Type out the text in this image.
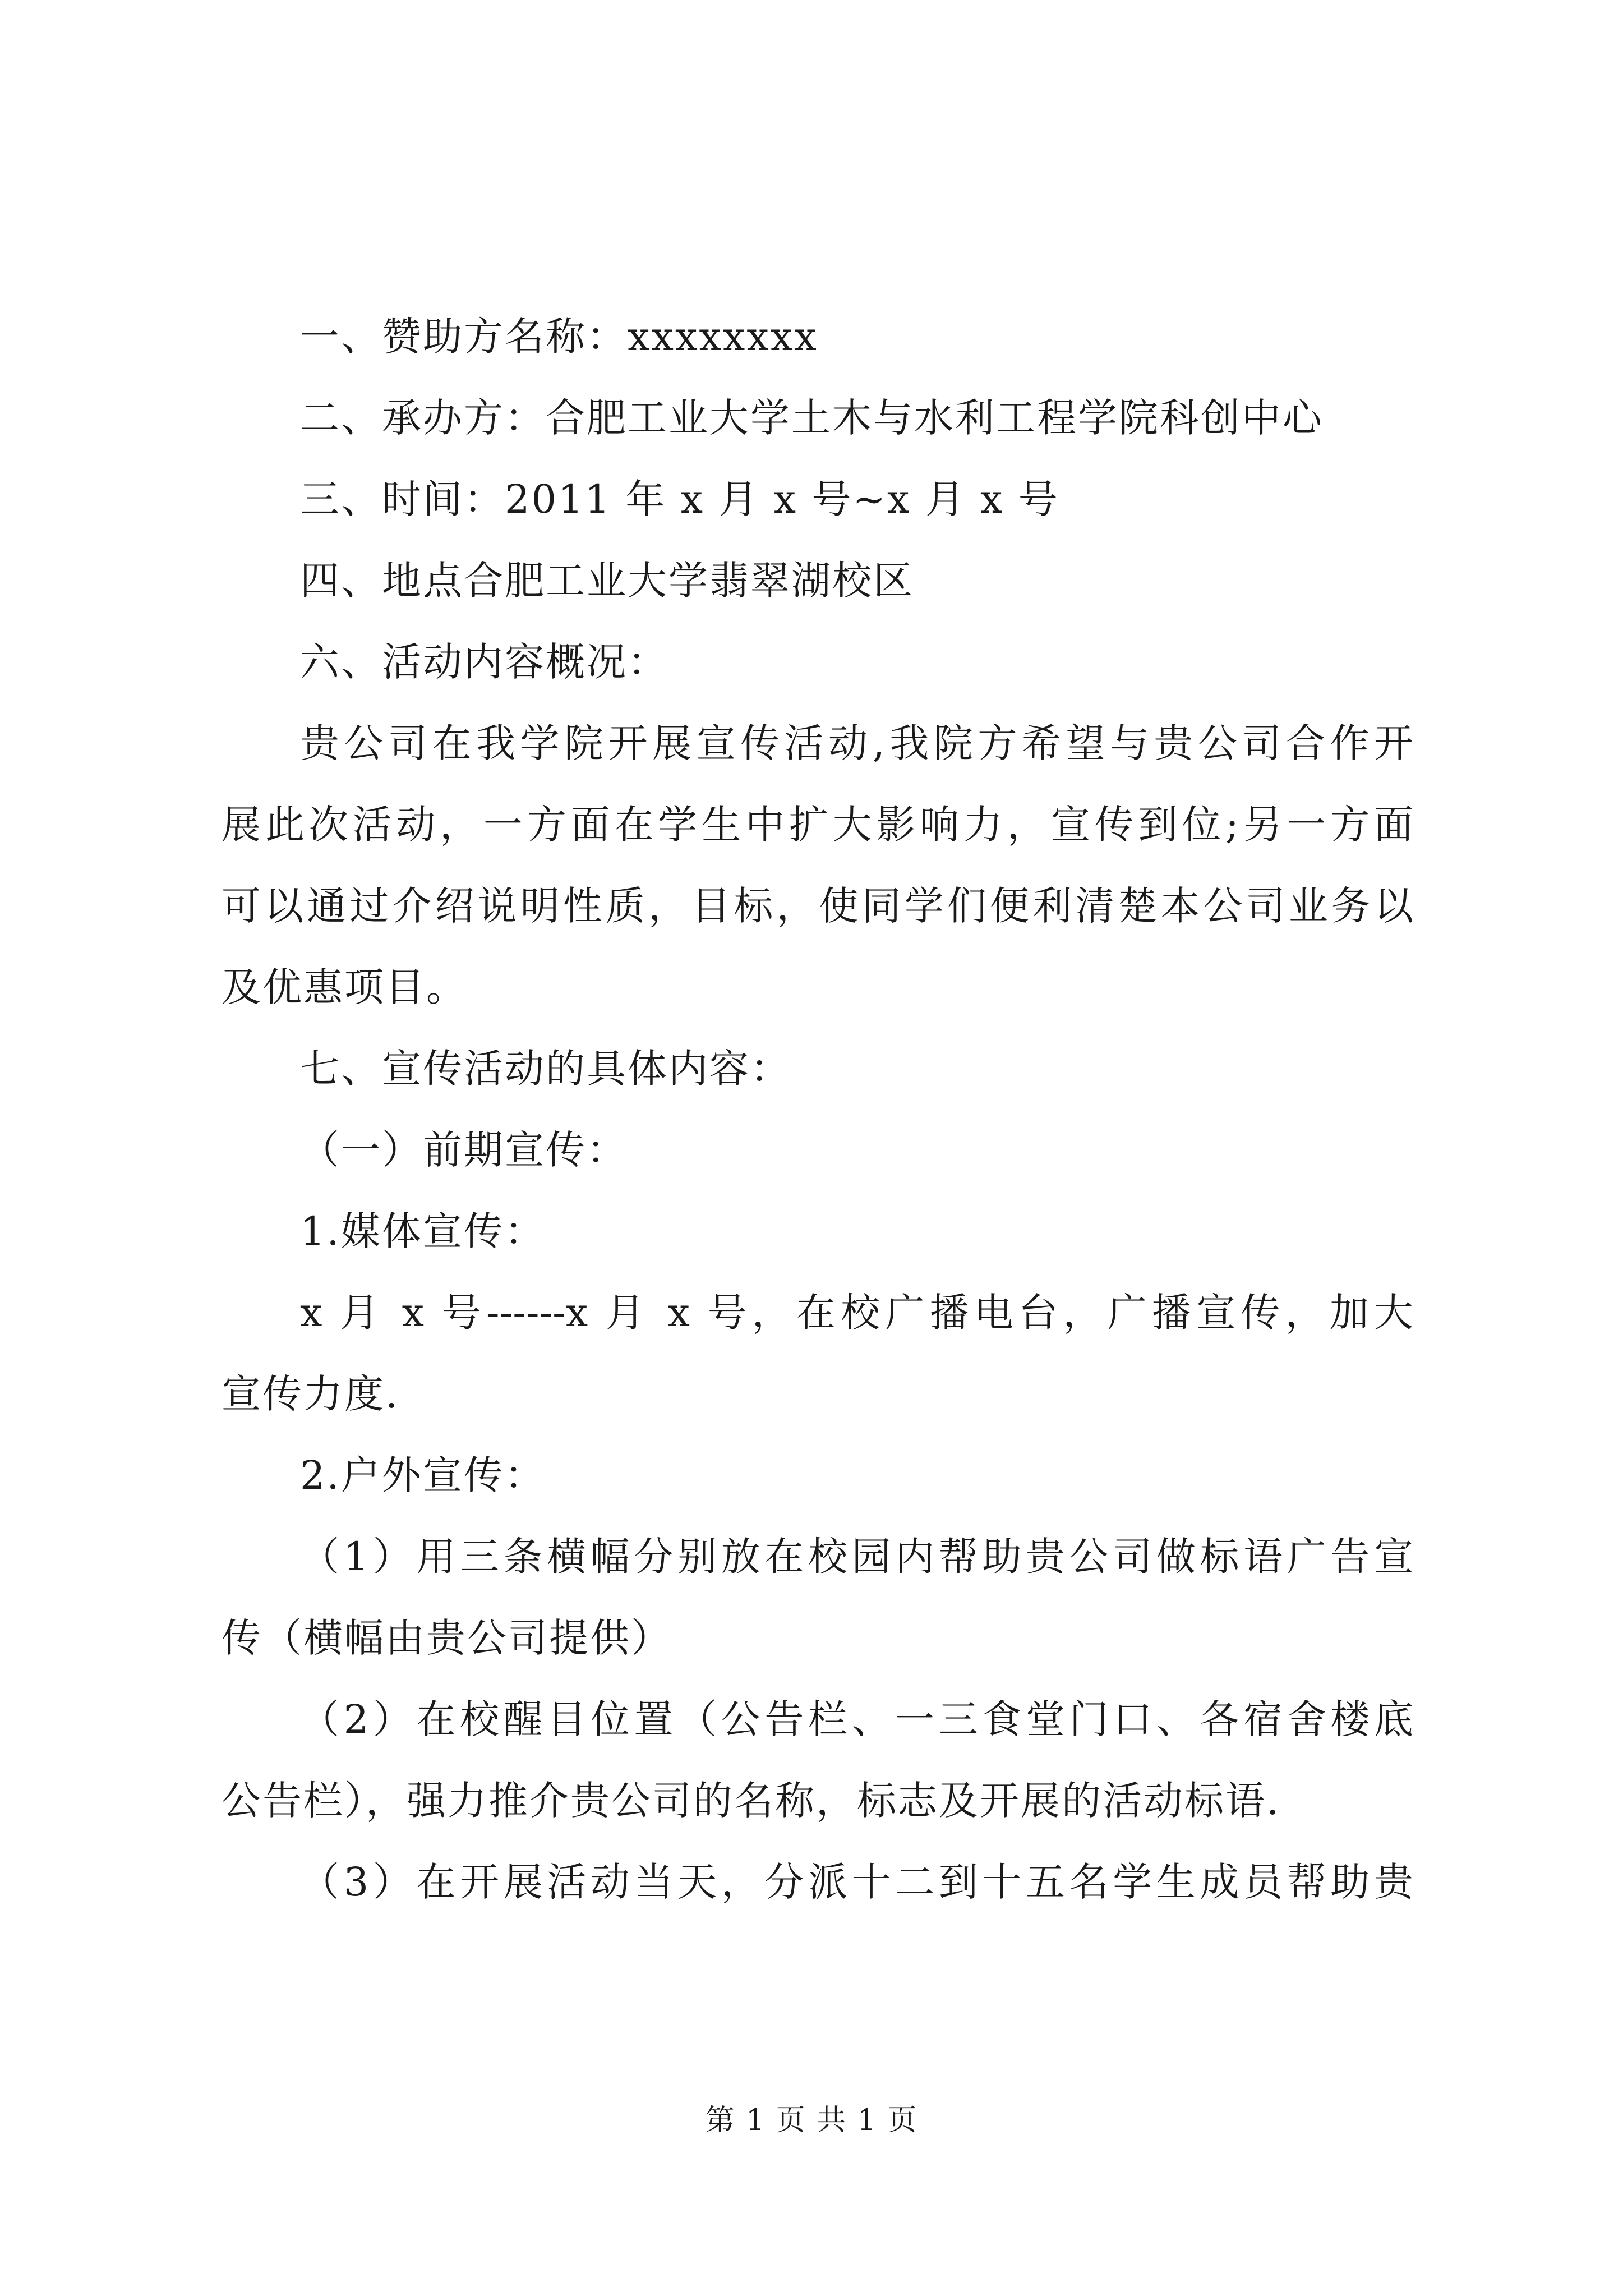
一、赞助方名称：xxxxxxxx
二、承办方：合肥工业大学土木与水利工程学院科创中心
三、时间：2011 年 x 月 x 号~x 月 x 号
四、地点合肥工业大学翡翠湖校区
六、活动内容概况：
贵公司在我学院开展宣传活动,我院方希望与贵公司合作开
展此次活动，一方面在学生中扩大影响力，宣传到位;另一方面
可以通过介绍说明性质，目标，使同学们便利清楚本公司业务以
及优惠项目。
七、宣传活动的具体内容：
（一）前期宣传：
1.媒体宣传：
x 月 x 号------x 月 x 号，在校广播电台，广播宣传，加大
宣传力度.
2.户外宣传：
（1）用三条横幅分别放在校园内帮助贵公司做标语广告宣
传（横幅由贵公司提供）
（2）在校醒目位置（公告栏、一三食堂门口、各宿舍楼底
公告栏），强力推介贵公司的名称，标志及开展的活动标语.
（3）在开展活动当天，分派十二到十五名学生成员帮助贵
第 1 页 共 1 页
